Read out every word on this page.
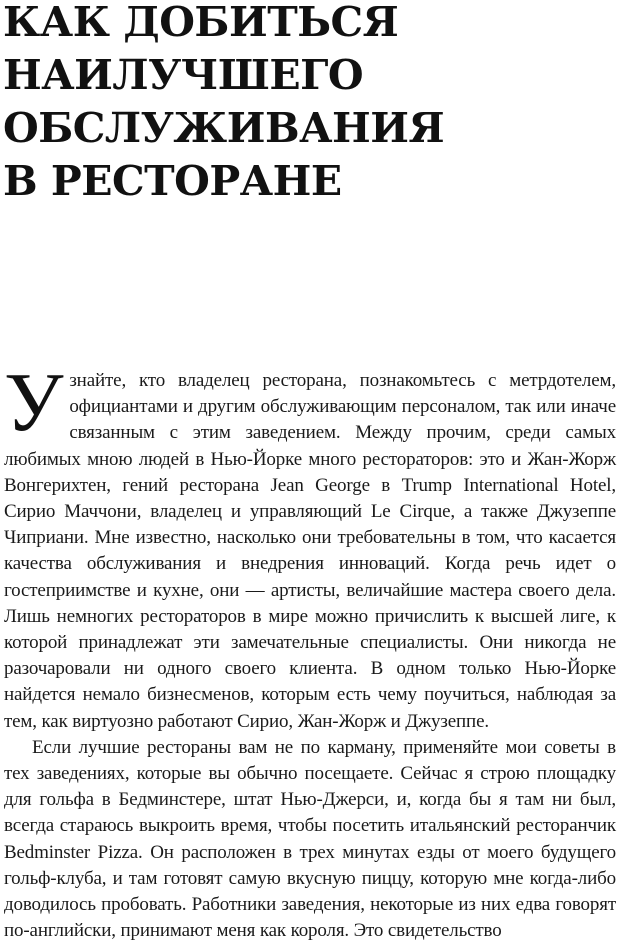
КАК ДОБИТЬСЯ
НАИЛУЧШЕГО
ОБСЛУЖИВАНИЯ
В РЕСТОРАНЕ

Узнайте, кто владелец ресторана, познакомьтесь с метрдотелем, официантами и другим обслуживающим персоналом, так или иначе связанным с этим заведением. Между прочим, среди самых любимых мною людей в Нью-Йорке много рестораторов: это и Жан-Жорж Вонгерихтен, гений ресторана Jean George в Trump International Hotel, Сирио Маччони, владелец и управляющий Le Cirque, а также Джузеппе Чиприани. Мне известно, насколько они требовательны в том, что касается качества обслуживания и внедрения инноваций. Когда речь идет о гостеприимстве и кухне, они — артисты, величайшие мастера своего дела. Лишь немногих рестораторов в мире можно причислить к высшей лиге, к которой принадлежат эти замечательные специалисты. Они никогда не разочаровали ни одного своего клиента. В одном только Нью-Йорке найдется немало бизнесменов, которым есть чему поучиться, наблюдая за тем, как виртуозно работают Сирио, Жан-Жорж и Джузеппе.

Если лучшие рестораны вам не по карману, применяйте мои советы в тех заведениях, которые вы обычно посещаете. Сейчас я строю площадку для гольфа в Бедминстере, штат Нью-Джерси, и, когда бы я там ни был, всегда стараюсь выкроить время, чтобы посетить итальянский ресторанчик Bedminster Pizza. Он расположен в трех минутах езды от моего будущего гольф-клуба, и там готовят самую вкусную пиццу, которую мне когда-либо доводилось пробовать. Работники заведения, некоторые из них едва говорят по-английски, принимают меня как короля. Это свидетельство
